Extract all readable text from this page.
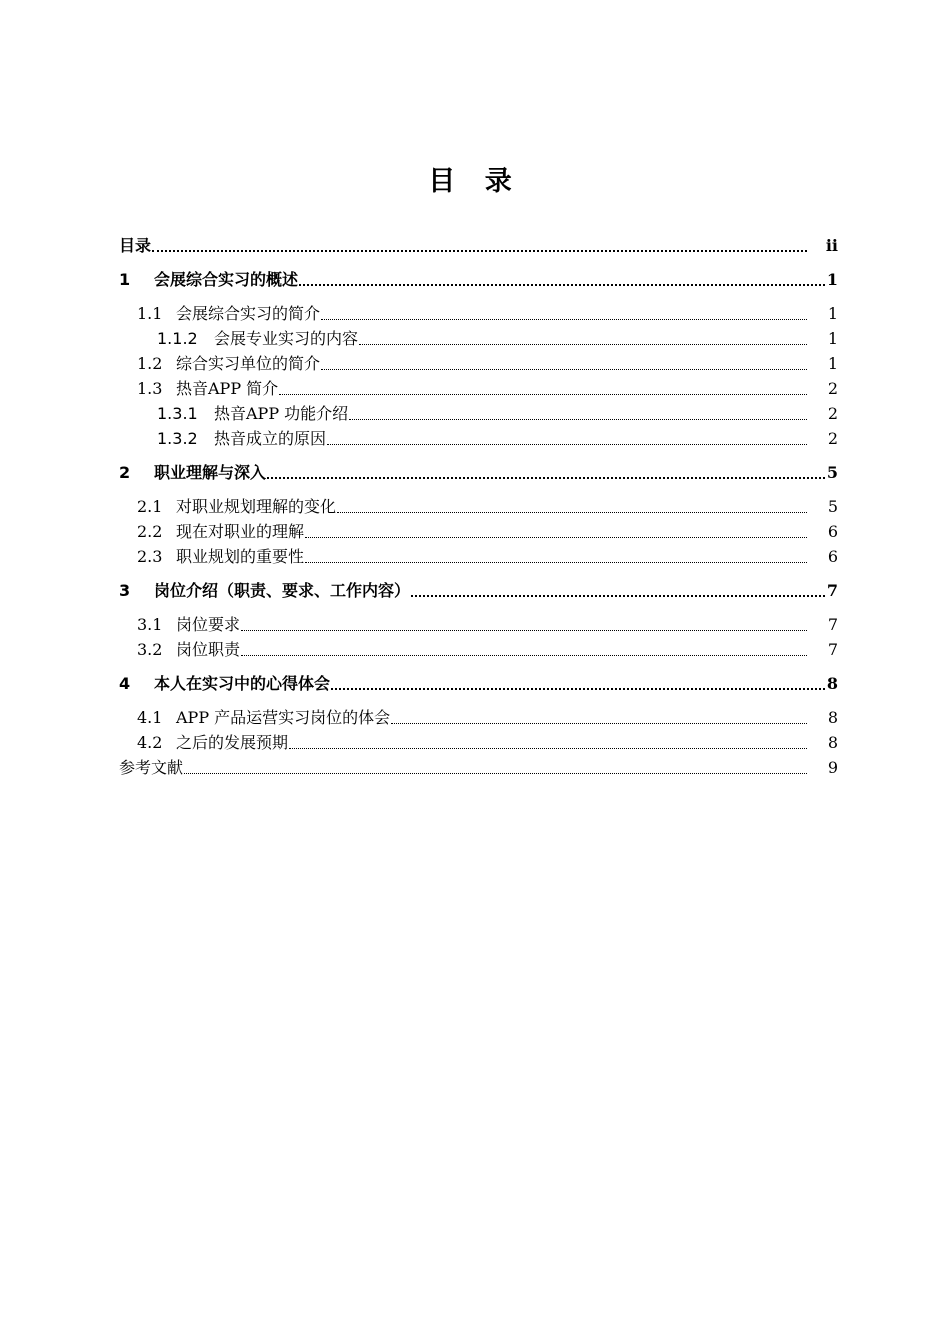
目 录
目录	ii
1	会展综合实习的概述	1
1.1 会展综合实习的简介	1
1.1.2	会展专业实习的内容	1
1.2 综合实习单位的简介	1
1.3 热音APP 简介	2
1.3.1	热音APP 功能介绍	2
1.3.2	热音成立的原因	2
2	职业理解与深入	5
2.1 对职业规划理解的变化	5
2.2 现在对职业的理解	6
2.3 职业规划的重要性	6
3	岗位介绍（职责、要求、工作内容）	7
3.1 岗位要求	7
3.2 岗位职责	7
4	本人在实习中的心得体会	8
4.1 APP 产品运营实习岗位的体会	8
4.2 之后的发展预期	8
参考文献	9
